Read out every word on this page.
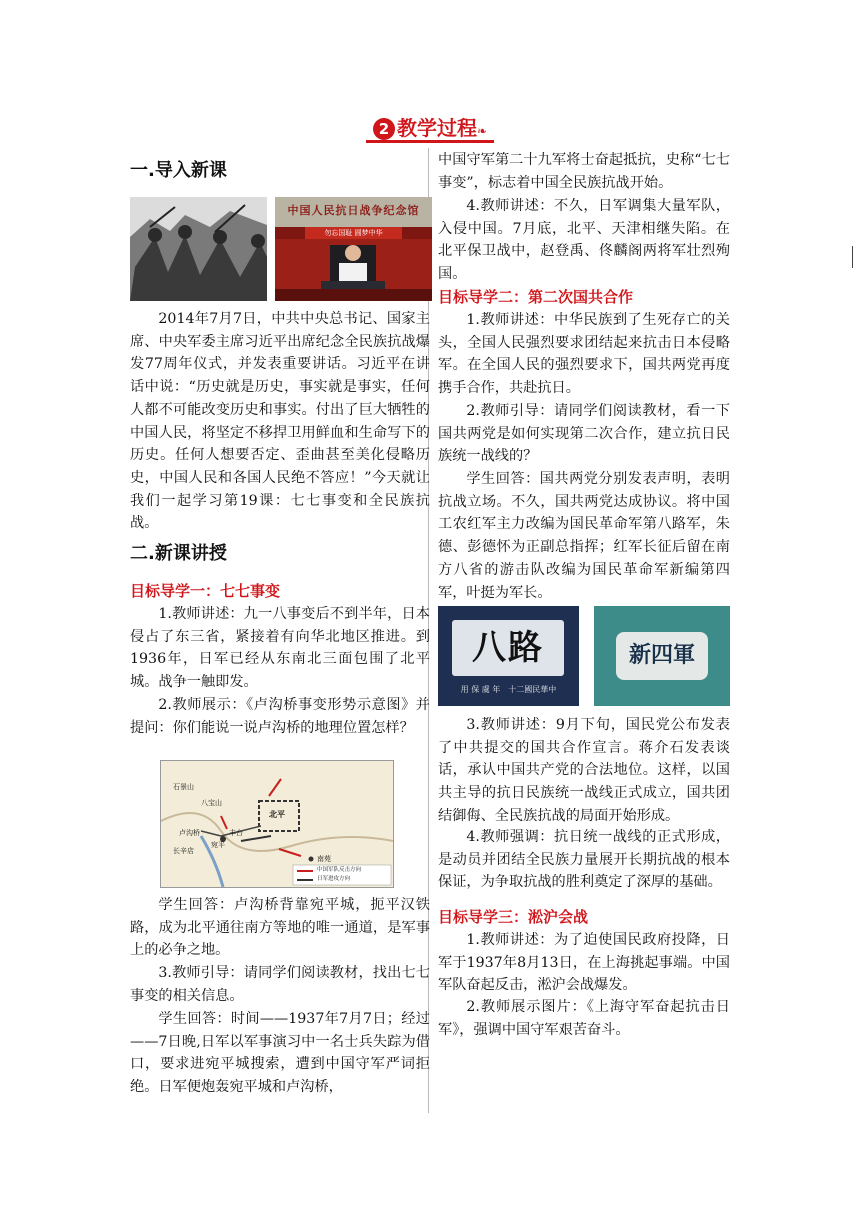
2 教学过程❧

一.导入新课

中国人民抗日战争纪念馆
勿忘国耻 圆梦中华

2014年7月7日，中共中央总书记、国家主席、中央军委主席习近平出席纪念全民族抗战爆发77周年仪式，并发表重要讲话。习近平在讲话中说：“历史就是历史，事实就是事实，任何人都不可能改变历史和事实。付出了巨大牺牲的中国人民，将坚定不移捍卫用鲜血和生命写下的历史。任何人想要否定、歪曲甚至美化侵略历史，中国人民和各国人民绝不答应！”今天就让我们一起学习第19课：七七事变和全民族抗战。

二.新课讲授

目标导学一：七七事变

1.教师讲述：九一八事变后不到半年，日本侵占了东三省，紧接着有向华北地区推进。到1936年，日军已经从东南北三面包围了北平城。战争一触即发。

2.教师展示：《卢沟桥事变形势示意图》并提问：你们能说一说卢沟桥的地理位置怎样？

石景山
八宝山
北平
卢沟桥
宛平
丰台
长辛店
南苑
中国军队反击方向
日军进攻方向

学生回答：卢沟桥背靠宛平城，扼平汉铁路，成为北平通往南方等地的唯一通道，是军事上的必争之地。

3.教师引导：请同学们阅读教材，找出七七事变的相关信息。

学生回答：时间——1937年7月7日；经过——7日晚,日军以军事演习中一名士兵失踪为借口，要求进宛平城搜索，遭到中国守军严词拒绝。日军便炮轰宛平城和卢沟桥，

中国守军第二十九军将士奋起抵抗，史称“七七事变”，标志着中国全民族抗战开始。

4.教师讲述：不久，日军调集大量军队，入侵中国。7月底，北平、天津相继失陷。在北平保卫战中，赵登禹、佟麟阁两将军壮烈殉国。

目标导学二：第二次国共合作

1.教师讲述：中华民族到了生死存亡的关头，全国人民强烈要求团结起来抗击日本侵略军。在全国人民的强烈要求下，国共两党再度携手合作，共赴抗日。

2.教师引导：请同学们阅读教材，看一下国共两党是如何实现第二次合作，建立抗日民族统一战线的？

学生回答：国共两党分别发表声明，表明抗战立场。不久，国共两党达成协议。将中国工农红军主力改编为国民革命军第八路军，朱德、彭德怀为正副总指挥；红军长征后留在南方八省的游击队改编为国民革命军新编第四军，叶挺为军长。

八路
用 保 虞 年　十二國民華中
新四軍

3.教师讲述：9月下旬，国民党公布发表了中共提交的国共合作宣言。蒋介石发表谈话，承认中国共产党的合法地位。这样，以国共主导的抗日民族统一战线正式成立，国共团结御侮、全民族抗战的局面开始形成。

4.教师强调：抗日统一战线的正式形成，是动员并团结全民族力量展开长期抗战的根本保证，为争取抗战的胜利奠定了深厚的基础。

目标导学三：淞沪会战

1.教师讲述：为了迫使国民政府投降，日军于1937年8月13日，在上海挑起事端。中国军队奋起反击，淞沪会战爆发。

2.教师展示图片：《上海守军奋起抗击日军》，强调中国守军艰苦奋斗。
